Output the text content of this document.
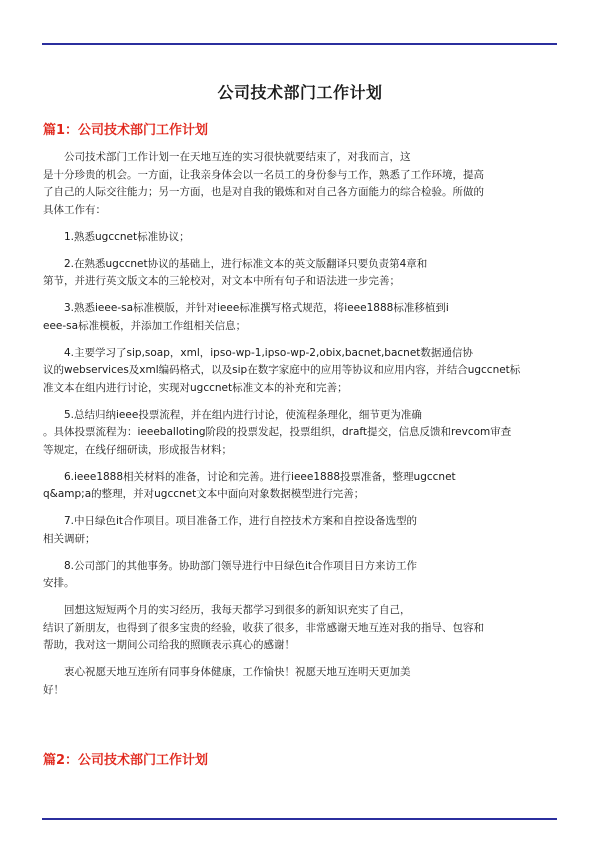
公司技术部门工作计划
篇1：公司技术部门工作计划
公司技术部门工作计划一在天地互连的实习很快就要结束了，对我而言，这
是十分珍贵的机会。一方面，让我亲身体会以一名员工的身份参与工作，熟悉了工作环境，提高
了自己的人际交往能力；另一方面，也是对自我的锻炼和对自己各方面能力的综合检验。所做的
具体工作有：
1.熟悉ugccnet标准协议；
2.在熟悉ugccnet协议的基础上，进行标准文本的英文版翻译只要负责第4章和
第节，并进行英文版文本的三轮校对，对文本中所有句子和语法进一步完善；
3.熟悉ieee-sa标准模版，并针对ieee标准撰写格式规范，将ieee1888标准移植到i
eee-sa标准模板，并添加工作组相关信息；
4.主要学习了sip,soap，xml，ipso-wp-1,ipso-wp-2,obix,bacnet,bacnet数据通信协
议的webservices及xml编码格式，以及sip在数字家庭中的应用等协议和应用内容，并结合ugccnet标
准文本在组内进行讨论，实现对ugccnet标准文本的补充和完善；
5.总结归纳ieee投票流程，并在组内进行讨论，使流程条理化，细节更为准确
。具体投票流程为：ieeeballoting阶段的投票发起，投票组织，draft提交，信息反馈和revcom审查
等规定，在线仔细研读，形成报告材料；
6.ieee1888相关材料的准备，讨论和完善。进行ieee1888投票准备，整理ugccnet
q&amp;a的整理，并对ugccnet文本中面向对象数据模型进行完善；
7.中日绿色it合作项目。项目准备工作，进行自控技术方案和自控设备选型的
相关调研；
8.公司部门的其他事务。协助部门领导进行中日绿色it合作项目日方来访工作
安排。
回想这短短两个月的实习经历，我每天都学习到很多的新知识充实了自己，
结识了新朋友，也得到了很多宝贵的经验，收获了很多，非常感谢天地互连对我的指导、包容和
帮助，我对这一期间公司给我的照顾表示真心的感谢！
衷心祝愿天地互连所有同事身体健康，工作愉快！祝愿天地互连明天更加美
好！
篇2：公司技术部门工作计划
